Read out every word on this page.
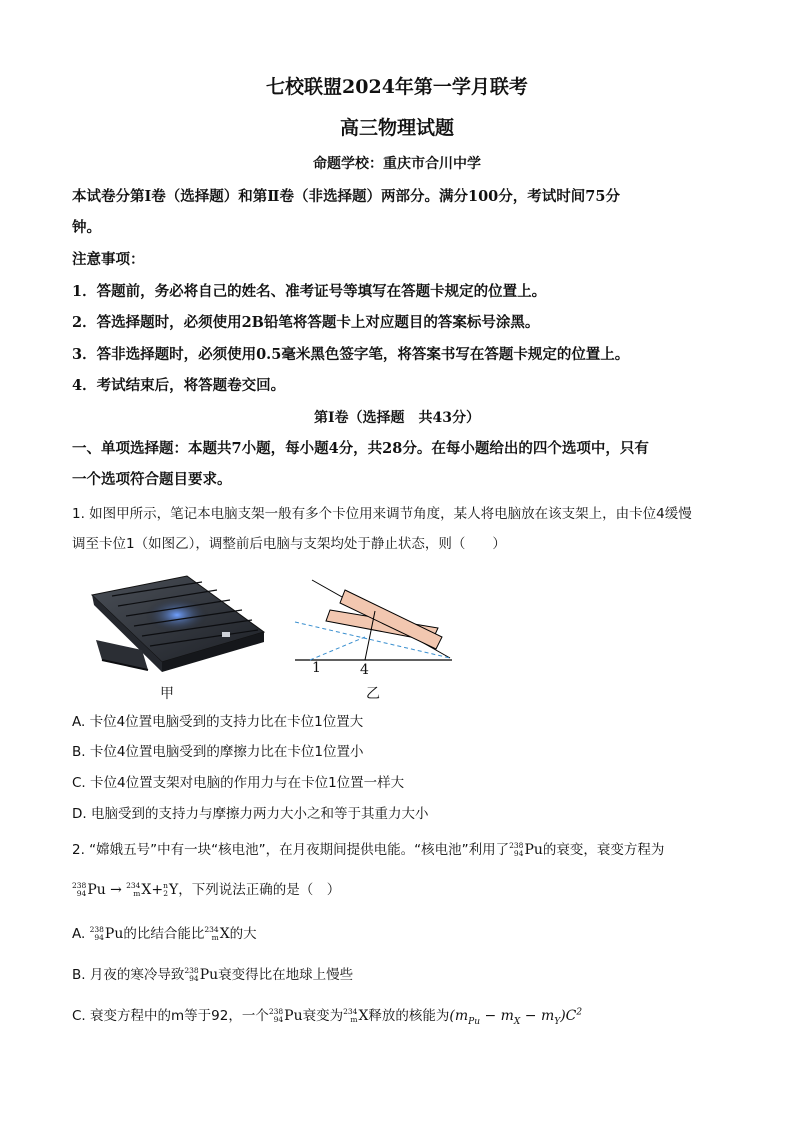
七校联盟2024年第一学月联考
高三物理试题
命题学校：重庆市合川中学
本试卷分第Ⅰ卷（选择题）和第Ⅱ卷（非选择题）两部分。满分100分，考试时间75分
钟。
注意事项：
1．答题前，务必将自己的姓名、准考证号等填写在答题卡规定的位置上。
2．答选择题时，必须使用2B铅笔将答题卡上对应题目的答案标号涂黑。
3．答非选择题时，必须使用0.5毫米黑色签字笔，将答案书写在答题卡规定的位置上。
4．考试结束后，将答题卷交回。
第Ⅰ卷（选择题　共43分）
一、单项选择题：本题共7小题，每小题4分，共28分。在每小题给出的四个选项中，只有
一个选项符合题目要求。
1. 如图甲所示，笔记本电脑支架一般有多个卡位用来调节角度，某人将电脑放在该支架上，由卡位4缓慢
调至卡位1（如图乙），调整前后电脑与支架均处于静止状态，则（　　）
1	4
甲	乙
A. 卡位4位置电脑受到的支持力比在卡位1位置大
B. 卡位4位置电脑受到的摩擦力比在卡位1位置小
C. 卡位4位置支架对电脑的作用力与在卡位1位置一样大
D. 电脑受到的支持力与摩擦力两力大小之和等于其重力大小
2. “嫦娥五号”中有一块“核电池”，在月夜期间提供电能。“核电池”利用了 238
94 Pu的衰变，衰变方程为
238
94 Pu → 234
m X+ n
2 Y，下列说法正确的是（　）
A. 238
94 Pu的比结合能比 234
m X的大
B. 月夜的寒冷导致 238
94 Pu衰变得比在地球上慢些
C. 衰变方程中的m等于92，一个 238
94 Pu衰变为 234
m X释放的核能为$(m_{Pu} - m_X - m_Y)C^2$
